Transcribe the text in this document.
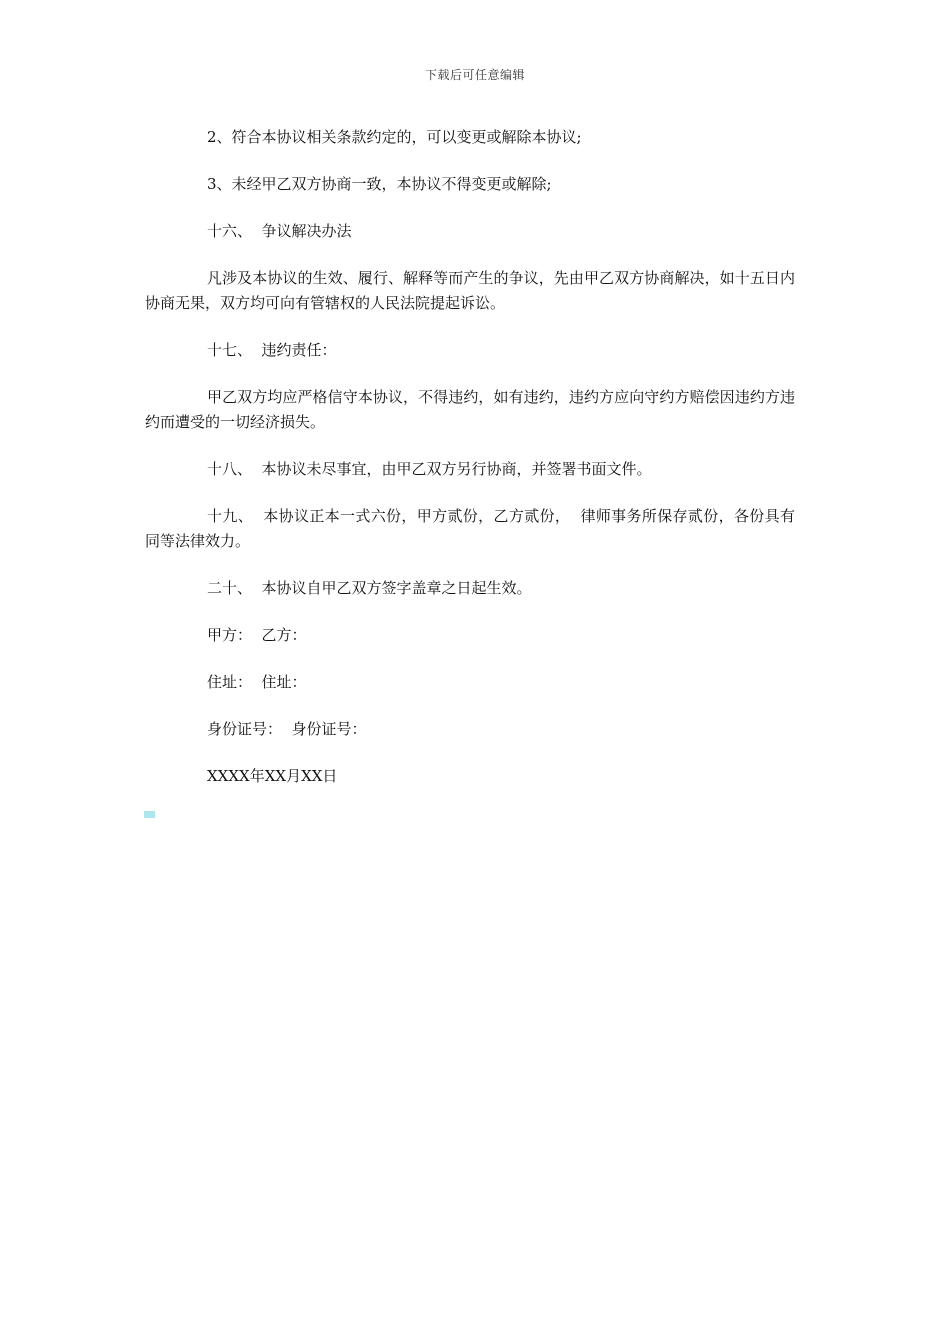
下载后可任意编辑

2、符合本协议相关条款约定的，可以变更或解除本协议;

3、未经甲乙双方协商一致，本协议不得变更或解除;

十六、  争议解决办法

凡涉及本协议的生效、履行、解释等而产生的争议，先由甲乙双方协商解决，如十五日内协商无果，双方均可向有管辖权的人民法院提起诉讼。

十七、  违约责任：

甲乙双方均应严格信守本协议，不得违约，如有违约，违约方应向守约方赔偿因违约方违约而遭受的一切经济损失。

十八、  本协议未尽事宜，由甲乙双方另行协商，并签署书面文件。

十九、  本协议正本一式六份，甲方贰份，乙方贰份，  律师事务所保存贰份，各份具有同等法律效力。

二十、  本协议自甲乙双方签字盖章之日起生效。

甲方：  乙方：

住址：  住址：

身份证号：  身份证号：

XXXX年XX月XX日
